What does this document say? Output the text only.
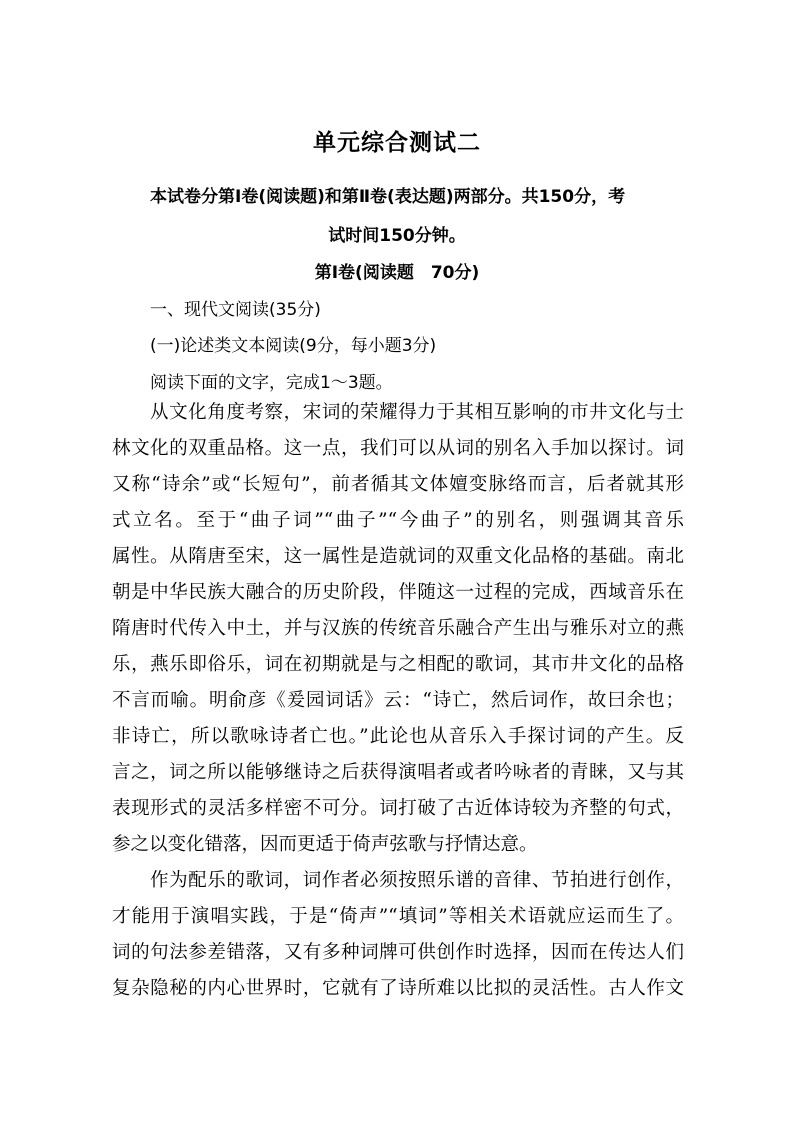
单元综合测试二
本试卷分第Ⅰ卷(阅读题)和第Ⅱ卷(表达题)两部分。共150分，考
试时间150分钟。
第Ⅰ卷(阅读题　70分)
一、现代文阅读(35分)
(一)论述类文本阅读(9分，每小题3分)
阅读下面的文字，完成1～3题。
从文化角度考察，宋词的荣耀得力于其相互影响的市井文化与士
林文化的双重品格。这一点，我们可以从词的别名入手加以探讨。词
又称“诗余”或“长短句”，前者循其文体嬗变脉络而言，后者就其形
式立名。至于“曲子词”“曲子”“今曲子”的别名，则强调其音乐
属性。从隋唐至宋，这一属性是造就词的双重文化品格的基础。南北
朝是中华民族大融合的历史阶段，伴随这一过程的完成，西域音乐在
隋唐时代传入中土，并与汉族的传统音乐融合产生出与雅乐对立的燕
乐，燕乐即俗乐，词在初期就是与之相配的歌词，其市井文化的品格
不言而喻。明俞彦《爰园词话》云：“诗亡，然后词作，故曰余也；
非诗亡，所以歌咏诗者亡也。”此论也从音乐入手探讨词的产生。反
言之，词之所以能够继诗之后获得演唱者或者吟咏者的青睐，又与其
表现形式的灵活多样密不可分。词打破了古近体诗较为齐整的句式，
参之以变化错落，因而更适于倚声弦歌与抒情达意。
作为配乐的歌词，词作者必须按照乐谱的音律、节拍进行创作，
才能用于演唱实践，于是“倚声”“填词”等相关术语就应运而生了。
词的句法参差错落，又有多种词牌可供创作时选择，因而在传达人们
复杂隐秘的内心世界时，它就有了诗所难以比拟的灵活性。古人作文
